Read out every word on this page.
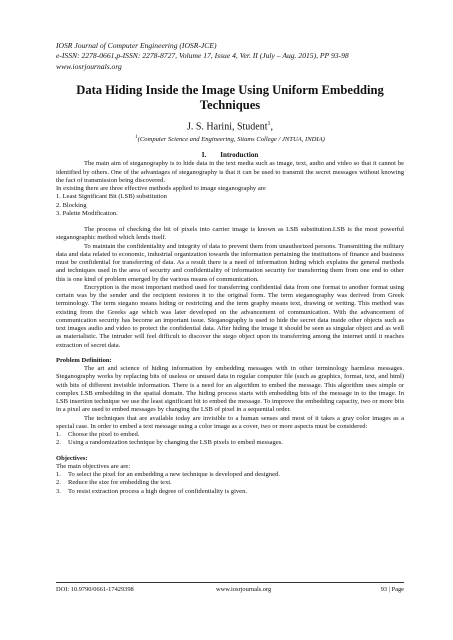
IOSR Journal of Computer Engineering (IOSR-JCE)
e-ISSN: 2278-0661,p-ISSN: 2278-8727, Volume 17, Issue 4, Ver. II (July – Aug. 2015), PP 93-98
www.iosrjournals.org
Data Hiding Inside the Image Using Uniform Embedding Techniques
J. S. Harini, Student$^1$,
$^1$(Computer Science and Engineering, Sitams College / JNTUA, INDIA)
I. Introduction

The main aim of steganography is to hide data in the text media such as image, text, audio and video so that it cannot be identified by others. One of the advantages of steganography is that it can be used to transmit the secret messages without knowing the fact of transmission being discovered.

In existing there are three effective methods applied to image steganography are

1. Least Significant Bit (LSB) substitution
2. Blocking
3. Palette Modification.

The process of checking the bit of pixels into carrier image is known as LSB substitution.LSB is the most powerful steganographic method which lends itself.

To maintain the confidentiality and integrity of data to prevent them from unauthorized persons. Transmitting the military data and data related to economic, industrial organization towards the information pertaining the institutions of finance and business must be confidential for transferring of data. As a result there is a need of information hiding which explains the general methods and techniques used in the area of security and confidentiality of information security for transferring them from one end to other this is one kind of problem emerged by the various means of communication.

Encryption is the most important method used for transferring confidential data from one format to another format using certain was by the sender and the recipient restores it to the original form. The term steganography was derived from Greek terminology. The term stegano means hiding or restricting and the term graphy means text, drawing or writing. This method was existing from the Greeks age which was later developed on the advancement of communication. With the advancement of communication security has become an important issue. Steganography is used to hide the secret data inside other objects such as text images audio and video to protect the confidential data. After hiding the image it should be seen as singular object and as well as materialistic. The intruder will feel difficult to discover the stego object upon its transferring among the internet until it reaches extraction of secret data.

Problem Definition:

The art and science of hiding information by embedding messages with in other terminology harmless messages. Steganography works by replacing bits of useless or unused data in regular computer file (such as graphics, format, text, and html) with bits of different invisible information. There is a need for an algorithm to embed the message. This algorithm uses simple or complex LSB embedding in the spatial domain. The hiding process starts with embedding bits of the message in to the image. In LSB insertion technique we use the least significant bit to embed the message. To improve the embedding capacity, two or more bits in a pixel are used to embed messages by changing the LSB of pixel in a sequential order.

The techniques that are available today are invisible to a human senses and most of it takes a gray color images as a special case. In order to embed a text message using a color image as a cover, two or more aspects must be considered:

1.	Choose the pixel to embed.
2.	Using a randomization technique by changing the LSB pixels to embed messages.
Objectives:

The main objectives are are:

1.	To select the pixel for an embedding a new technique is developed and designed.
2.	Reduce the size for embedding the text.
3.	To resist extraction process a high degree of confidentiality is given.
DOI: 10.9790/0661-17429398	www.iosrjournals.org	93 | Page
